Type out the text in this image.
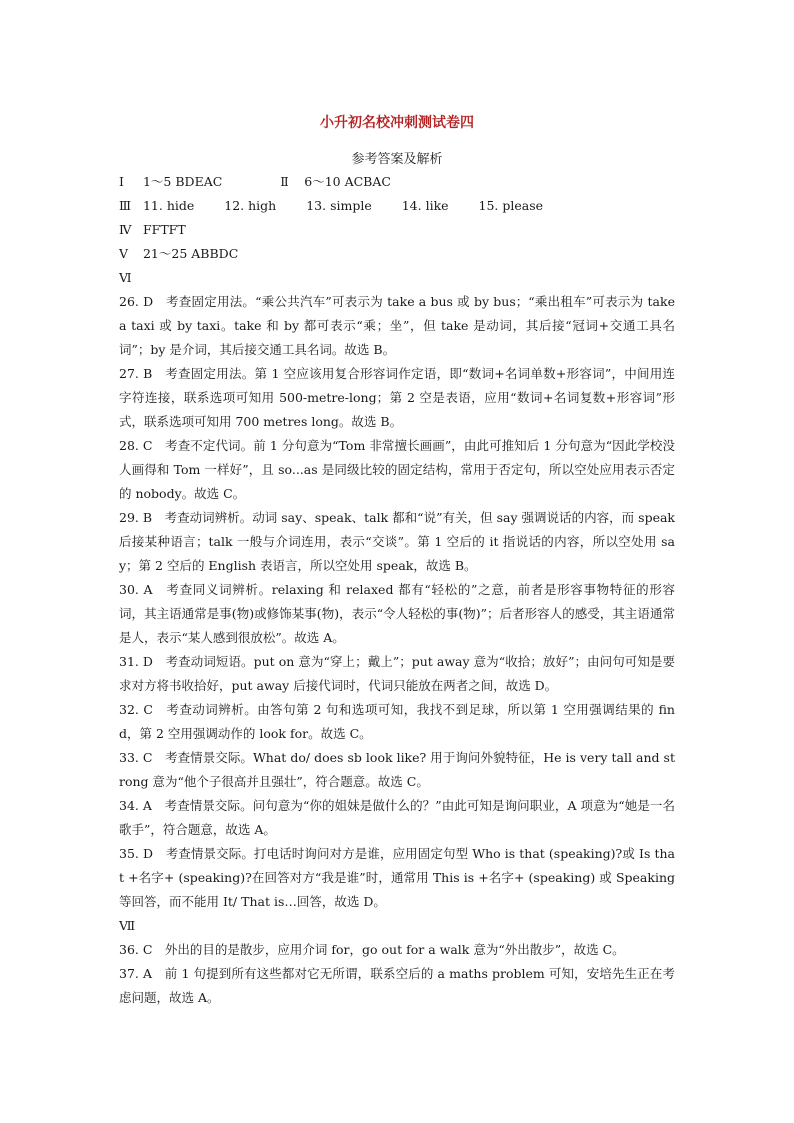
小升初名校冲刺测试卷四
参考答案及解析
Ⅰ 1～5 BDEAC	Ⅱ 6～10 ACBAC
Ⅲ 11. hide 12. high 13. simple 14. like 15. please
Ⅳ FFTFT
Ⅴ 21～25 ABBDC
Ⅵ
26. D　考查固定用法。“乘公共汽车”可表示为 take a bus 或 by bus；“乘出租车”可表示为 take a taxi 或 by taxi。take 和 by 都可表示“乘；坐”，但 take 是动词，其后接“冠词+交通工具名词”；by 是介词，其后接交通工具名词。故选 B。
27. B　考查固定用法。第 1 空应该用复合形容词作定语，即“数词+名词单数+形容词”，中间用连字符连接，联系选项可知用 500-metre-long；第 2 空是表语，应用“数词+名词复数+形容词”形式，联系选项可知用 700 metres long。故选 B。
28. C　考查不定代词。前 1 分句意为“Tom 非常擅长画画”，由此可推知后 1 分句意为“因此学校没人画得和 Tom 一样好”，且 so...as 是同级比较的固定结构，常用于否定句，所以空处应用表示否定的 nobody。故选 C。
29. B　考查动词辨析。动词 say、speak、talk 都和“说”有关，但 say 强调说话的内容，而 speak 后接某种语言；talk 一般与介词连用，表示“交谈”。第 1 空后的 it 指说话的内容，所以空处用 say；第 2 空后的 English 表语言，所以空处用 speak，故选 B。
30. A　考查同义词辨析。relaxing 和 relaxed 都有“轻松的”之意，前者是形容事物特征的形容词，其主语通常是事(物)或修饰某事(物)，表示“令人轻松的事(物)”；后者形容人的感受，其主语通常是人，表示“某人感到很放松”。故选 A。
31. D　考查动词短语。put on 意为“穿上；戴上”；put away 意为“收拾；放好”；由问句可知是要求对方将书收拾好，put away 后接代词时，代词只能放在两者之间，故选 D。
32. C　考查动词辨析。由答句第 2 句和选项可知，我找不到足球，所以第 1 空用强调结果的 find，第 2 空用强调动作的 look for。故选 C。
33. C　考查情景交际。What do/ does sb look like? 用于询问外貌特征，He is very tall and strong 意为“他个子很高并且强壮”，符合题意。故选 C。
34. A　考查情景交际。问句意为“你的姐妹是做什么的？”由此可知是询问职业，A 项意为“她是一名歌手”，符合题意，故选 A。
35. D　考查情景交际。打电话时询问对方是谁，应用固定句型 Who is that (speaking)?或 Is that +名字+ (speaking)?在回答对方“我是谁”时，通常用 This is +名字+ (speaking) 或 Speaking 等回答，而不能用 It/ That is…回答，故选 D。
Ⅶ
36. C　外出的目的是散步，应用介词 for，go out for a walk 意为“外出散步”，故选 C。
37. A　前 1 句提到所有这些都对它无所谓，联系空后的 a maths problem 可知，安培先生正在考虑问题，故选 A。
